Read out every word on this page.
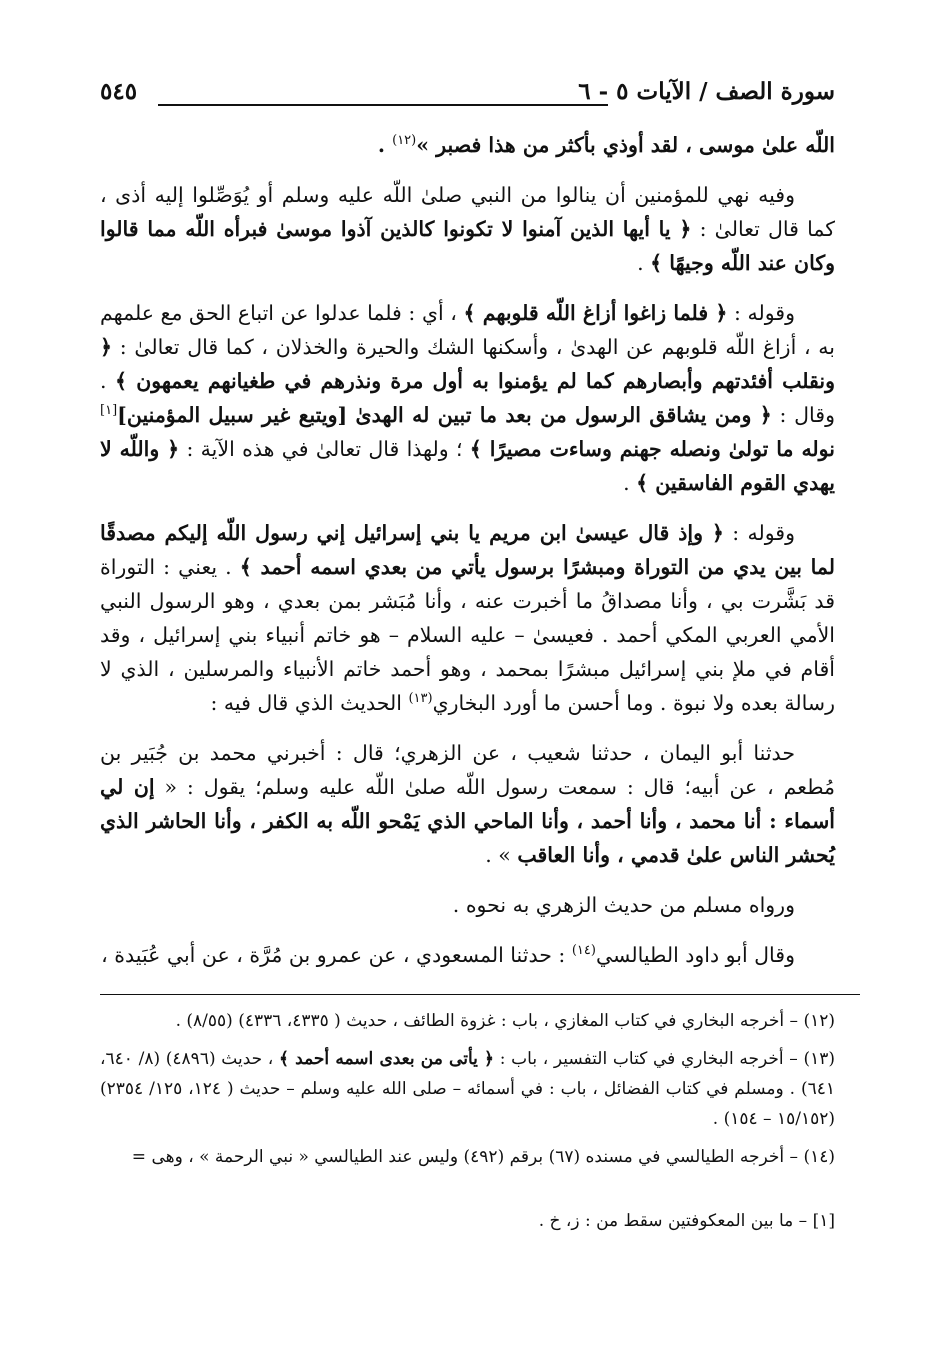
سورة الصف / الآيات ٥ - ٦
٥٤٥

اللّه علىٰ موسى ، لقد أوذي بأكثر من هذا فصبر »$^{(١٢)}$ .

وفيه نهي للمؤمنين أن ينالوا من النبي صلىٰ اللّه عليه وسلم أو يُوَصِّلوا إليه أذى ، كما قال تعالىٰ : ﴿ يا أيها الذين آمنوا لا تكونوا كالذين آذوا موسىٰ فبرأه اللّه مما قالوا وكان عند اللّه وجيهًا ﴾ .

وقوله : ﴿ فلما زاغوا أزاغ اللّه قلوبهم ﴾ ، أي : فلما عدلوا عن اتباع الحق مع علمهم به ، أزاغ اللّه قلوبهم عن الهدىٰ ، وأسكنها الشك والحيرة والخذلان ، كما قال تعالىٰ : ﴿ ونقلب أفئدتهم وأبصارهم كما لم يؤمنوا به أول مرة ونذرهم في طغيانهم يعمهون ﴾ . وقال : ﴿ ومن يشاقق الرسول من بعد ما تبين له الهدىٰ [ويتبع غير سبيل المؤمنين][١] نوله ما تولىٰ ونصله جهنم وساءت مصيرًا ﴾ ؛ ولهذا قال تعالىٰ في هذه الآية : ﴿ واللّه لا يهدي القوم الفاسقين ﴾ .

وقوله : ﴿ وإذ قال عيسىٰ ابن مريم يا بني إسرائيل إني رسول اللّه إليكم مصدقًا لما بين يدي من التوراة ومبشرًا برسول يأتي من بعدي اسمه أحمد ﴾ . يعني : التوراة قد بَشَّرت بي ، وأنا مصداقُ ما أخبرت عنه ، وأنا مُبَشر بمن بعدي ، وهو الرسول النبي الأمي العربي المكي أحمد . فعيسىٰ – عليه السلام – هو خاتم أنبياء بني إسرائيل ، وقد أقام في ملإ بني إسرائيل مبشرًا بمحمد ، وهو أحمد خاتم الأنبياء والمرسلين ، الذي لا رسالة بعده ولا نبوة . وما أحسن ما أورد البخاري$^{(١٣)}$ الحديث الذي قال فيه :

حدثنا أبو اليمان ، حدثنا شعيب ، عن الزهري؛ قال : أخبرني محمد بن جُبَير بن مُطعم ، عن أبيه؛ قال : سمعت رسول اللّه صلىٰ اللّه عليه وسلم؛ يقول : « إن لي أسماء : أنا محمد ، وأنا أحمد ، وأنا الماحي الذي يَمْحو اللّه به الكفر ، وأنا الحاشر الذي يُحشر الناس علىٰ قدمي ، وأنا العاقب » .

ورواه مسلم من حديث الزهري به نحوه .

وقال أبو داود الطيالسي$^{(١٤)}$ : حدثنا المسعودي ، عن عمرو بن مُرَّة ، عن أبي عُبَيدة ،

(١٢) – أخرجه البخاري في كتاب المغازي ، باب : غزوة الطائف ، حديث ( ٤٣٣٥، ٤٣٣٦) (٨/٥٥) .

(١٣) – أخرجه البخاري في كتاب التفسير ، باب : ﴿ يأتى من بعدى اسمه أحمد ﴾ ، حديث (٤٨٩٦) (٨/ ٦٤٠، ٦٤١) . ومسلم في كتاب الفضائل ، باب : في أسمائه – صلى الله عليه وسلم – حديث ( ١٢٤، ١٢٥/ ٢٣٥٤) (١٥/١٥٢ – ١٥٤) .

(١٤) – أخرجه الطيالسي في مسنده (٦٧) برقم (٤٩٢) وليس عند الطيالسي « نبي الرحمة » ، وهى =

[١] – ما بين المعكوفتين سقط من : ز، خ .
